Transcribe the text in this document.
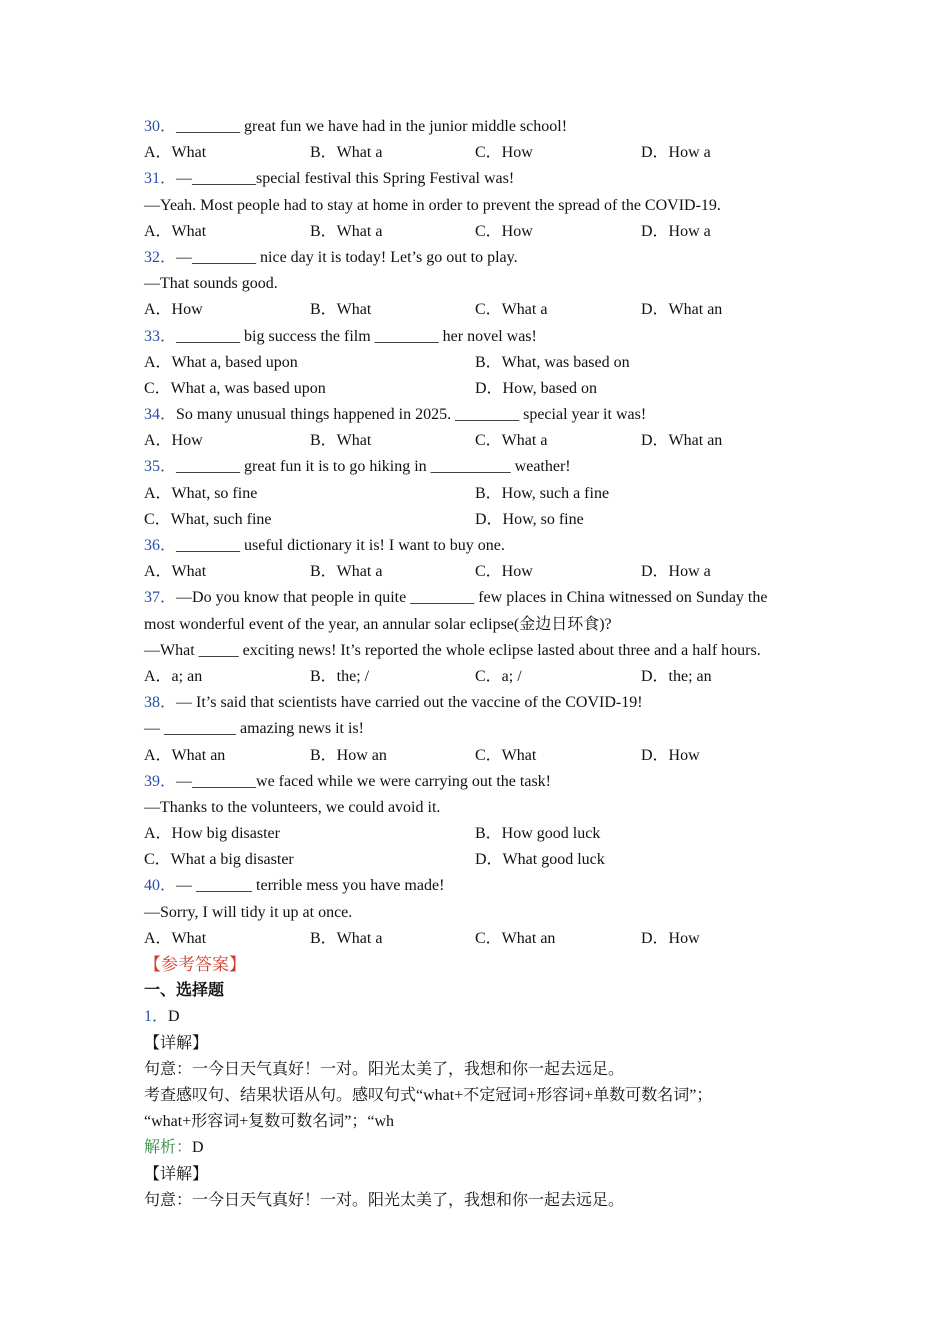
30．________ great fun we have had in the junior middle school!
A．What	B．What a	C．How	D．How a
31．—________special festival this Spring Festival was!
—Yeah. Most people had to stay at home in order to prevent the spread of the COVID-19.
A．What	B．What a	C．How	D．How a
32．—________ nice day it is today! Let’s go out to play.
—That sounds good.
A．How	B．What	C．What a	D．What an
33．________ big success the film ________ her novel was!
A．What a, based upon	B．What, was based on
C．What a, was based upon	D．How, based on
34．So many unusual things happened in 2025. ________ special year it was!
A．How	B．What	C．What a	D．What an
35．________ great fun it is to go hiking in __________ weather!
A．What, so fine	B．How, such a fine
C．What, such fine	D．How, so fine
36．________ useful dictionary it is! I want to buy one.
A．What	B．What a	C．How	D．How a
37．—Do you know that people in quite ________ few places in China witnessed on Sunday the
most wonderful event of the year, an annular solar eclipse(金边日环食)?
—What _____ exciting news! It’s reported the whole eclipse lasted about three and a half hours.
A．a; an	B．the; /	C．a; /	D．the; an
38．— It’s said that scientists have carried out the vaccine of the COVID-19!
— _________ amazing news it is!
A．What an	B．How an	C．What	D．How
39．—________we faced while we were carrying out the task!
—Thanks to the volunteers, we could avoid it.
A．How big disaster	B．How good luck
C．What a big disaster	D．What good luck
40．— _______ terrible mess you have made!
—Sorry, I will tidy it up at once.
A．What	B．What a	C．What an	D．How
【参考答案】
一、选择题
1．D
【详解】
句意：一今日天气真好！一对。阳光太美了，我想和你一起去远足。
考查感叹句、结果状语从句。感叹句式“what+不定冠词+形容词+单数可数名词”；
“what+形容词+复数可数名词”；“wh
解析：D
【详解】
句意：一今日天气真好！一对。阳光太美了，我想和你一起去远足。
